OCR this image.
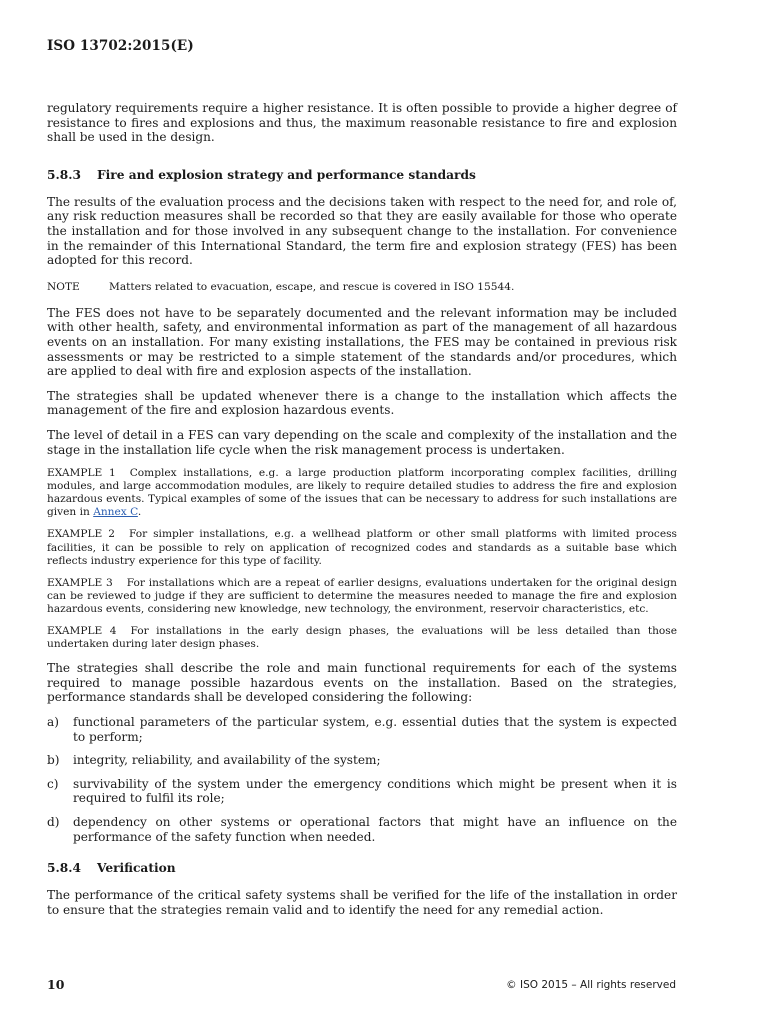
ISO 13702:2015(E)

regulatory requirements require a higher resistance. It is often possible to provide a higher degree of resistance to fires and explosions and thus, the maximum reasonable resistance to fire and explosion shall be used in the design.

5.8.3 Fire and explosion strategy and performance standards

The results of the evaluation process and the decisions taken with respect to the need for, and role of, any risk reduction measures shall be recorded so that they are easily available for those who operate the installation and for those involved in any subsequent change to the installation. For convenience in the remainder of this International Standard, the term fire and explosion strategy (FES) has been adopted for this record.

NOTE	Matters related to evacuation, escape, and rescue is covered in ISO 15544.

The FES does not have to be separately documented and the relevant information may be included with other health, safety, and environmental information as part of the management of all hazardous events on an installation. For many existing installations, the FES may be contained in previous risk assessments or may be restricted to a simple statement of the standards and/or procedures, which are applied to deal with fire and explosion aspects of the installation.

The strategies shall be updated whenever there is a change to the installation which affects the management of the fire and explosion hazardous events.

The level of detail in a FES can vary depending on the scale and complexity of the installation and the stage in the installation life cycle when the risk management process is undertaken.

EXAMPLE 1 Complex installations, e.g. a large production platform incorporating complex facilities, drilling modules, and large accommodation modules, are likely to require detailed studies to address the fire and explosion hazardous events. Typical examples of some of the issues that can be necessary to address for such installations are given in Annex C.
EXAMPLE 2 For simpler installations, e.g. a wellhead platform or other small platforms with limited process facilities, it can be possible to rely on application of recognized codes and standards as a suitable base which reflects industry experience for this type of facility.
EXAMPLE 3 For installations which are a repeat of earlier designs, evaluations undertaken for the original design can be reviewed to judge if they are sufficient to determine the measures needed to manage the fire and explosion hazardous events, considering new knowledge, new technology, the environment, reservoir characteristics, etc.
EXAMPLE 4 For installations in the early design phases, the evaluations will be less detailed than those undertaken during later design phases.

The strategies shall describe the role and main functional requirements for each of the systems required to manage possible hazardous events on the installation. Based on the strategies, performance standards shall be developed considering the following:

a) functional parameters of the particular system, e.g. essential duties that the system is expected to perform;
b) integrity, reliability, and availability of the system;
c) survivability of the system under the emergency conditions which might be present when it is required to fulfil its role;
d) dependency on other systems or operational factors that might have an influence on the performance of the safety function when needed.
5.8.4 Verification

The performance of the critical safety systems shall be verified for the life of the installation in order to ensure that the strategies remain valid and to identify the need for any remedial action.

10	© ISO 2015 – All rights reserved
